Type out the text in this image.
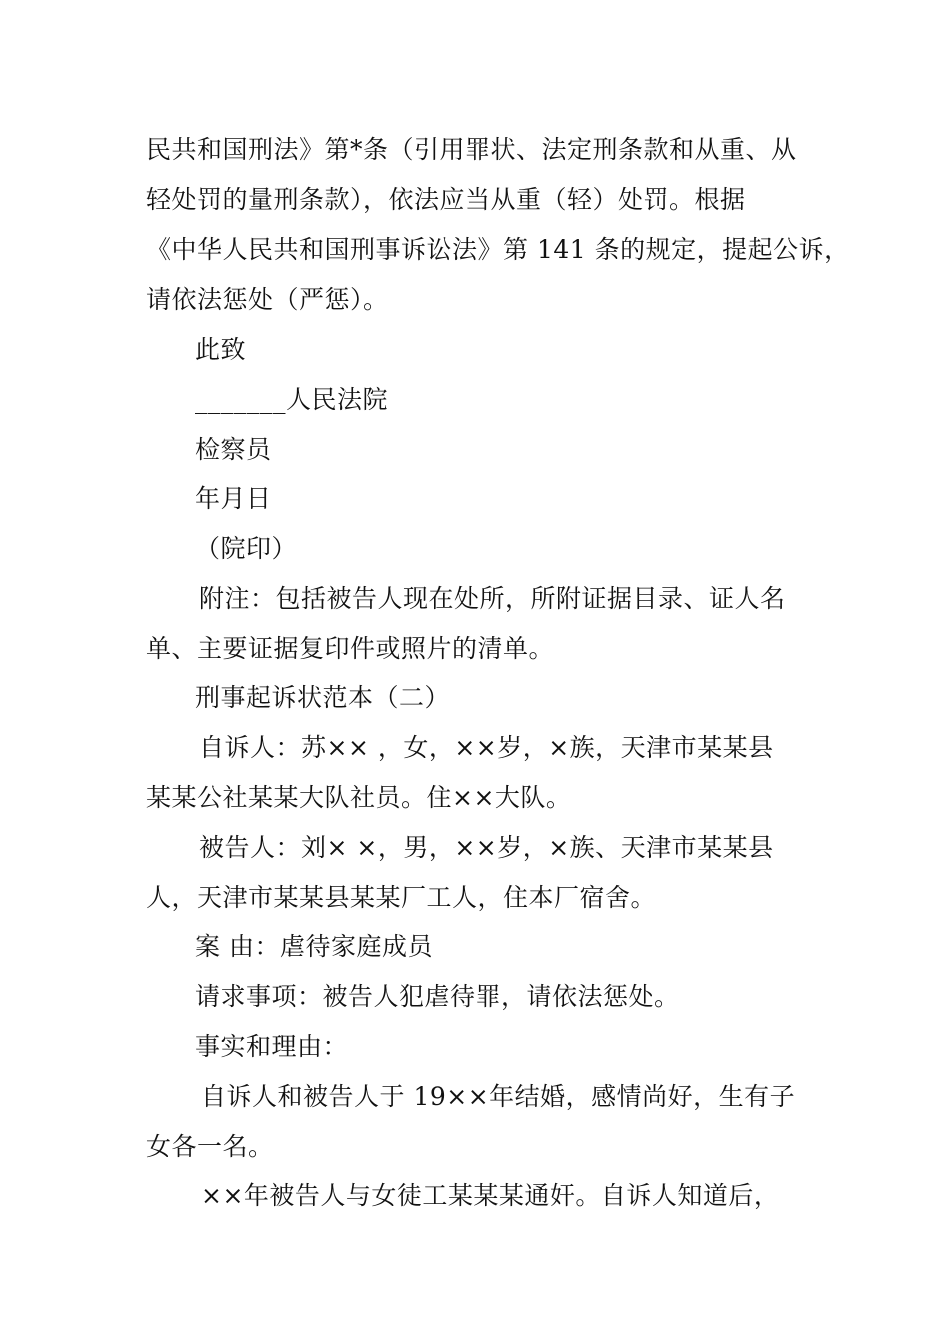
民共和国刑法》第*条（引用罪状、法定刑条款和从重、从
轻处罚的量刑条款），依法应当从重（轻）处罚。根据
《中华人民共和国刑事诉讼法》第 141 条的规定，提起公诉，
请依法惩处（严惩）。
此致
_______人民法院
检察员
年月日
（院印）
附注：包括被告人现在处所，所附证据目录、证人名
单、主要证据复印件或照片的清单。
刑事起诉状范本（二）
自诉人：苏×× ，女，××岁，×族，天津市某某县
某某公社某某大队社员。住××大队。
被告人：刘× ×，男，××岁，×族、天津市某某县
人，天津市某某县某某厂工人，住本厂宿舍。
案 由：虐待家庭成员
请求事项：被告人犯虐待罪，请依法惩处。
事实和理由：
自诉人和被告人于 19××年结婚，感情尚好，生有子
女各一名。
××年被告人与女徒工某某某通奸。自诉人知道后，
